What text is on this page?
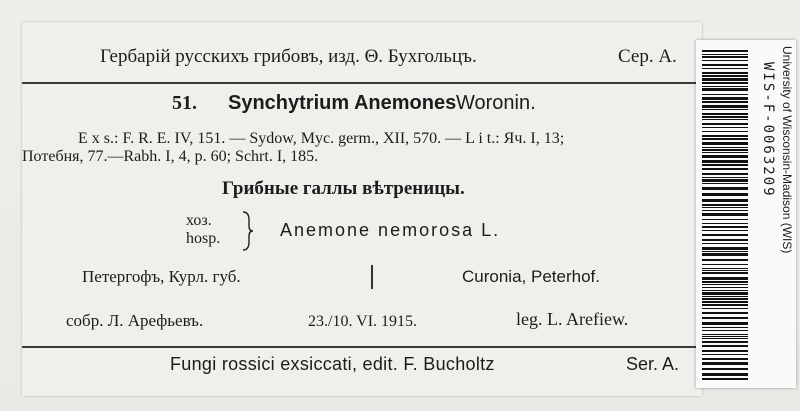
Гербарій русскихъ грибовъ, изд. Θ. Бухгольцъ.	Сер. А.
51. Synchytrium Anemones Woronin.
E x s.: F. R. E. IV, 151. — Sydow, Myc. germ., XII, 570. — L i t.: Яч. I, 13;
Потебня, 77.—Rabh. I, 4, p. 60; Schrt. I, 185.
Грибные галлы вѣтреницы.
хоз.
hosp.	Anemone nemorosa L.
Петергофъ, Курл. губ.	Curonia, Peterhof.
собр. Л. Арефьевъ.	23./10. VI. 1915.	leg. L. Arefiew.
Fungi rossici exsiccati, edit. F. Bucholtz	Ser. A.
WIS-F-0063209 University of Wisconsin-Madison (WIS)
